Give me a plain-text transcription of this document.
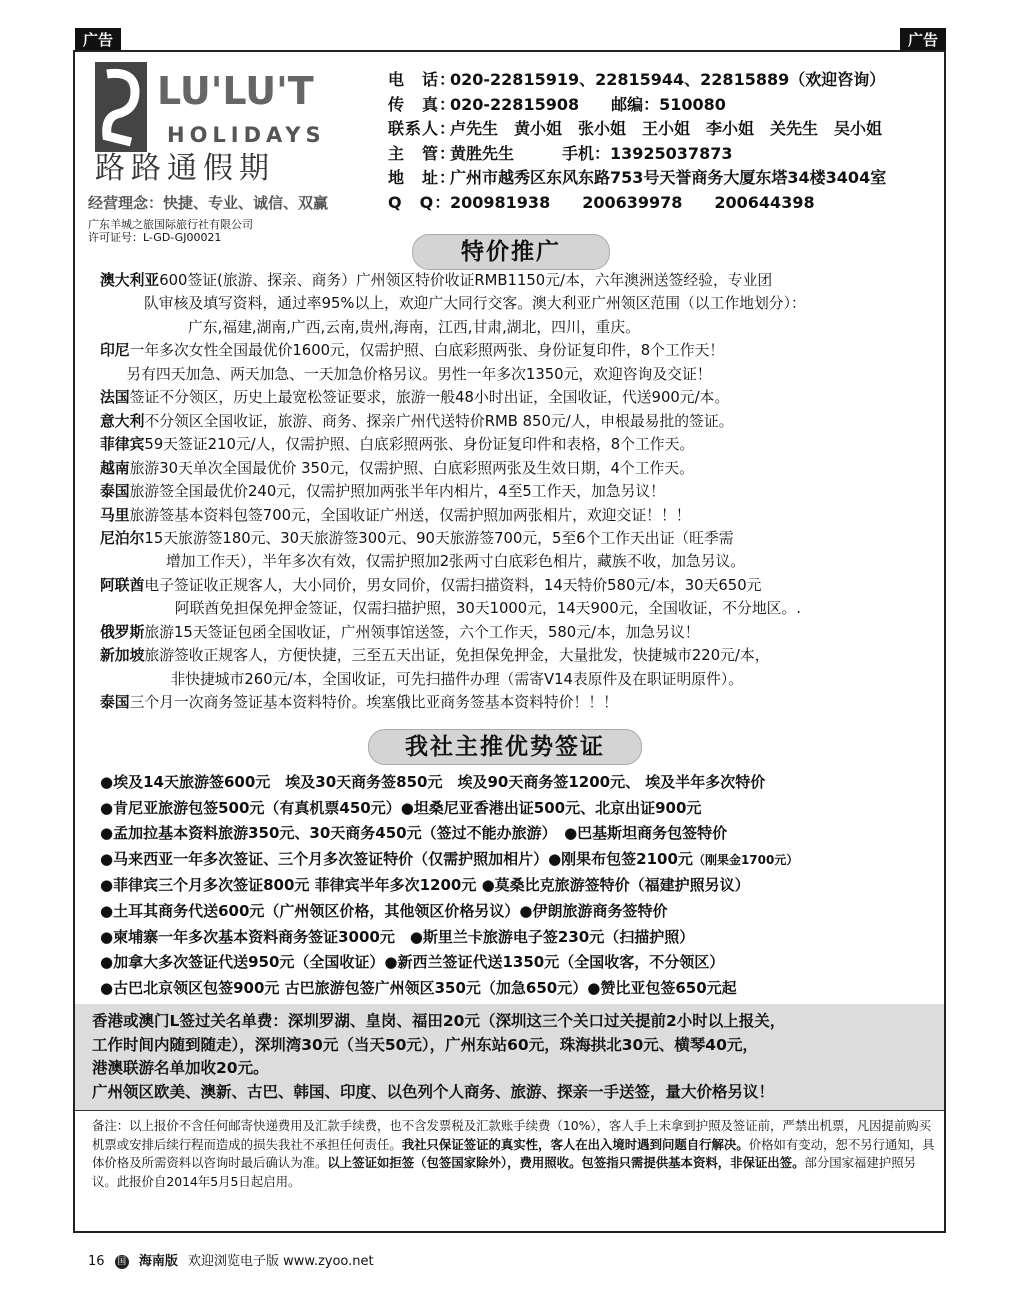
广告	广告
LU'LU'T
HOLIDAYS
路路通假期
经营理念：快捷、专业、诚信、双赢
广东羊城之旅国际旅行社有限公司
许可证号：L-GD-GJ00021
电　话：020-22815919、22815944、22815889（欢迎咨询）
传　真：020-22815908　　邮编：510080
联系人：卢先生　黄小姐　张小姐　王小姐　李小姐　关先生　吴小姐
主　管：黄胜先生　　　手机：13925037873
地　址：广州市越秀区东风东路753号天誉商务大厦东塔34楼3404室
Q　Q：200981938　　200639978　　200644398
特价推广
澳大利亚600签证(旅游、探亲、商务）广州领区特价收证RMB1150元/本，六年澳洲送签经验，专业团
队审核及填写资料，通过率95%以上，欢迎广大同行交客。澳大利亚广州领区范围（以工作地划分）：
广东,福建,湖南,广西,云南,贵州,海南，江西,甘肃,湖北，四川，重庆。
印尼一年多次女性全国最优价1600元，仅需护照、白底彩照两张、身份证复印件，8个工作天！
另有四天加急、两天加急、一天加急价格另议。男性一年多次1350元，欢迎咨询及交证！
法国签证不分领区，历史上最宽松签证要求，旅游一般48小时出证，全国收证，代送900元/本。
意大利不分领区全国收证，旅游、商务、探亲广州代送特价RMB 850元/人，申根最易批的签证。
菲律宾59天签证210元/人，仅需护照、白底彩照两张、身份证复印件和表格，8个工作天。
越南旅游30天单次全国最优价 350元，仅需护照、白底彩照两张及生效日期，4个工作天。
泰国旅游签全国最优价240元，仅需护照加两张半年内相片，4至5工作天，加急另议！
马里旅游签基本资料包签700元，全国收证广州送，仅需护照加两张相片，欢迎交证！！！
尼泊尔15天旅游签180元、30天旅游签300元、90天旅游签700元，5至6个工作天出证（旺季需
增加工作天），半年多次有效，仅需护照加2张两寸白底彩色相片，藏族不收，加急另议。
阿联酋电子签证收正规客人，大小同价，男女同价，仅需扫描资料，14天特价580元/本，30天650元
阿联酋免担保免押金签证，仅需扫描护照，30天1000元，14天900元，全国收证，不分地区。.
俄罗斯旅游15天签证包函全国收证，广州领事馆送签，六个工作天，580元/本，加急另议！
新加坡旅游签收正规客人，方便快捷，三至五天出证，免担保免押金，大量批发，快捷城市220元/本，
非快捷城市260元/本，全国收证，可先扫描件办理（需寄V14表原件及在职证明原件）。
泰国三个月一次商务签证基本资料特价。埃塞俄比亚商务签基本资料特价！！！
我社主推优势签证
●埃及14天旅游签600元　埃及30天商务签850元　埃及90天商务签1200元、 埃及半年多次特价
●肯尼亚旅游包签500元（有真机票450元）●坦桑尼亚香港出证500元、北京出证900元
●孟加拉基本资料旅游350元、30天商务450元（签过不能办旅游）　●巴基斯坦商务包签特价
●马来西亚一年多次签证、三个月多次签证特价（仅需护照加相片）●刚果布包签2100元（刚果金1700元）
●菲律宾三个月多次签证800元 菲律宾半年多次1200元 ●莫桑比克旅游签特价（福建护照另议）
●土耳其商务代送600元（广州领区价格，其他领区价格另议）●伊朗旅游商务签特价
●柬埔寨一年多次基本资料商务签证3000元　●斯里兰卡旅游电子签230元（扫描护照）
●加拿大多次签证代送950元（全国收证）●新西兰签证代送1350元（全国收客，不分领区）
●古巴北京领区包签900元 古巴旅游包签广州领区350元（加急650元）●赞比亚包签650元起
香港或澳门L签过关名单费：深圳罗湖、皇岗、福田20元（深圳这三个关口过关提前2小时以上报关，
工作时间内随到随走），深圳湾30元（当天50元），广州东站60元，珠海拱北30元、横琴40元，
港澳联游名单加收20元。
广州领区欧美、澳新、古巴、韩国、印度、以色列个人商务、旅游、探亲一手送签，量大价格另议！
备注：以上报价不含任何邮寄快递费用及汇款手续费，也不含发票税及汇款账手续费（10%），客人手上未拿到护照及签证前，严禁出机票，凡因提前购买机票或安排后续行程而造成的损失我社不承担任何责任。我社只保证签证的真实性，客人在出入境时遇到问题自行解决。价格如有变动，恕不另行通知，具体价格及所需资料以咨询时最后确认为准。以上签证如拒签（包签国家除外），费用照收。包签指只需提供基本资料，非保证出签。部分国家福建护照另议。此报价自2014年5月5日起启用。
16 国 海南版 欢迎浏览电子版 www.zyoo.net
